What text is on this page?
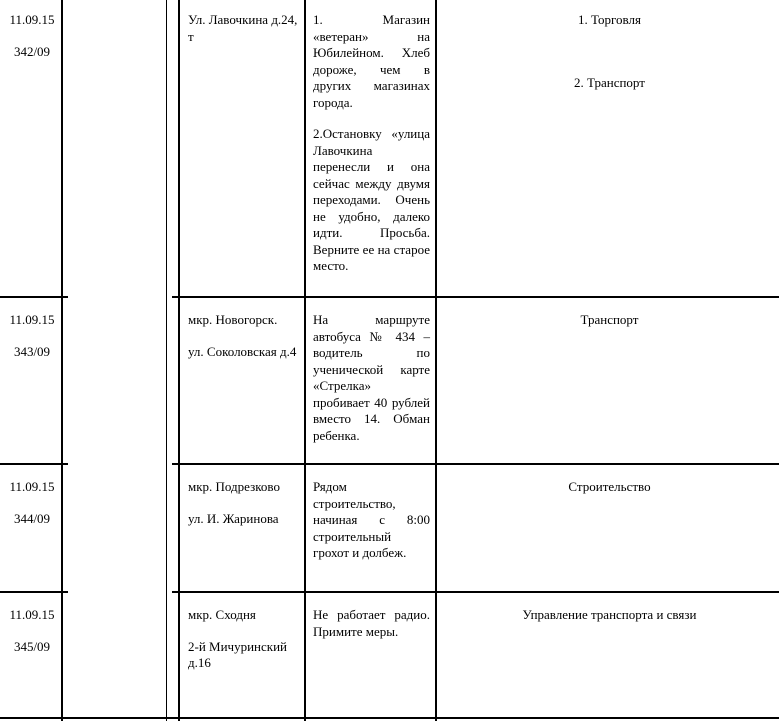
11.09.15

342/09

Ул. Лавочкина д.24, т

1. Магазин «ветеран» на Юбилейном. Хлеб дороже, чем в других магазинах города.

2.Остановку «улица Лавочкина перенесли и она сейчас между двумя переходами. Очень не удобно, далеко идти. Просьба. Верните ее на старое место.

1. Торговля

2. Транспорт

11.09.15

343/09

мкр. Новогорск.

ул. Соколовская д.4

На маршруте автобуса № 434 – водитель по ученической карте «Стрелка» пробивает 40 рублей вместо 14. Обман ребенка.

Транспорт

11.09.15

344/09

мкр. Подрезково

ул. И. Жаринова

Рядом строительство, начиная с 8:00 строительный грохот и долбеж.

Строительство

11.09.15

345/09

мкр. Сходня

2-й Мичуринский д.16

Не работает радио. Примите меры.

Управление транспорта и связи
